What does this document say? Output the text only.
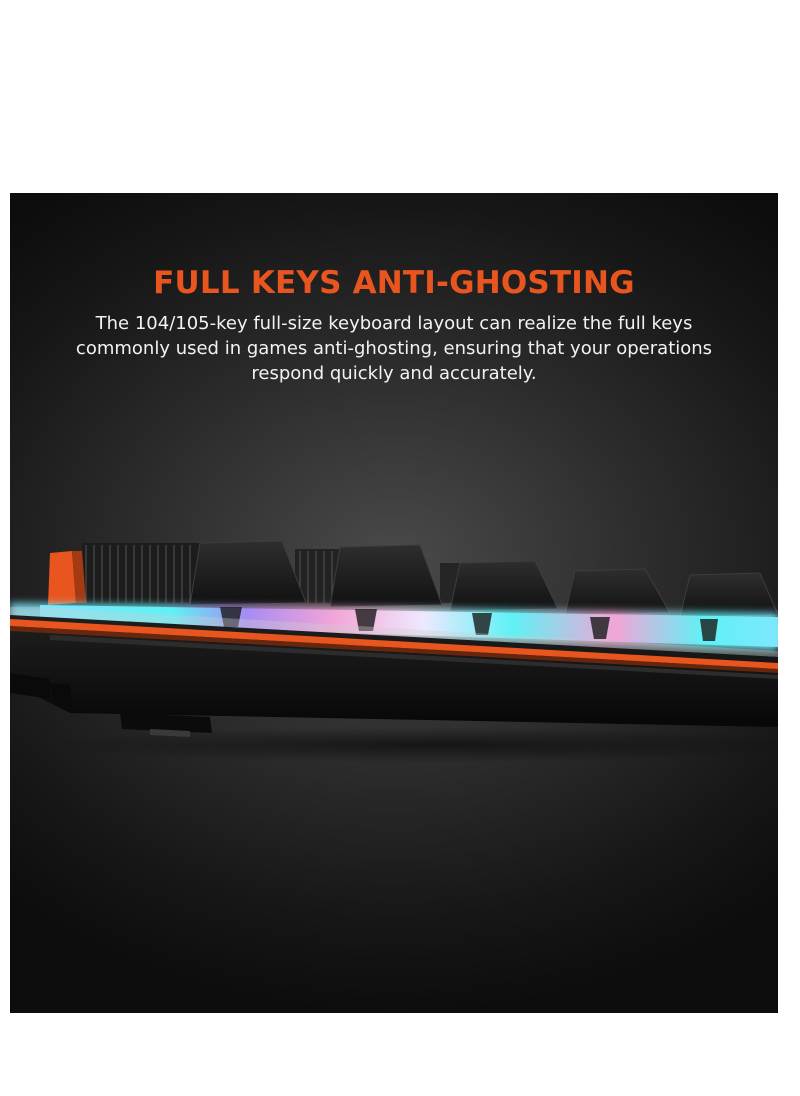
FULL KEYS ANTI-GHOSTING

The 104/105-key full-size keyboard layout can realize the full keys commonly used in games anti-ghosting, ensuring that your operations respond quickly and accurately.
